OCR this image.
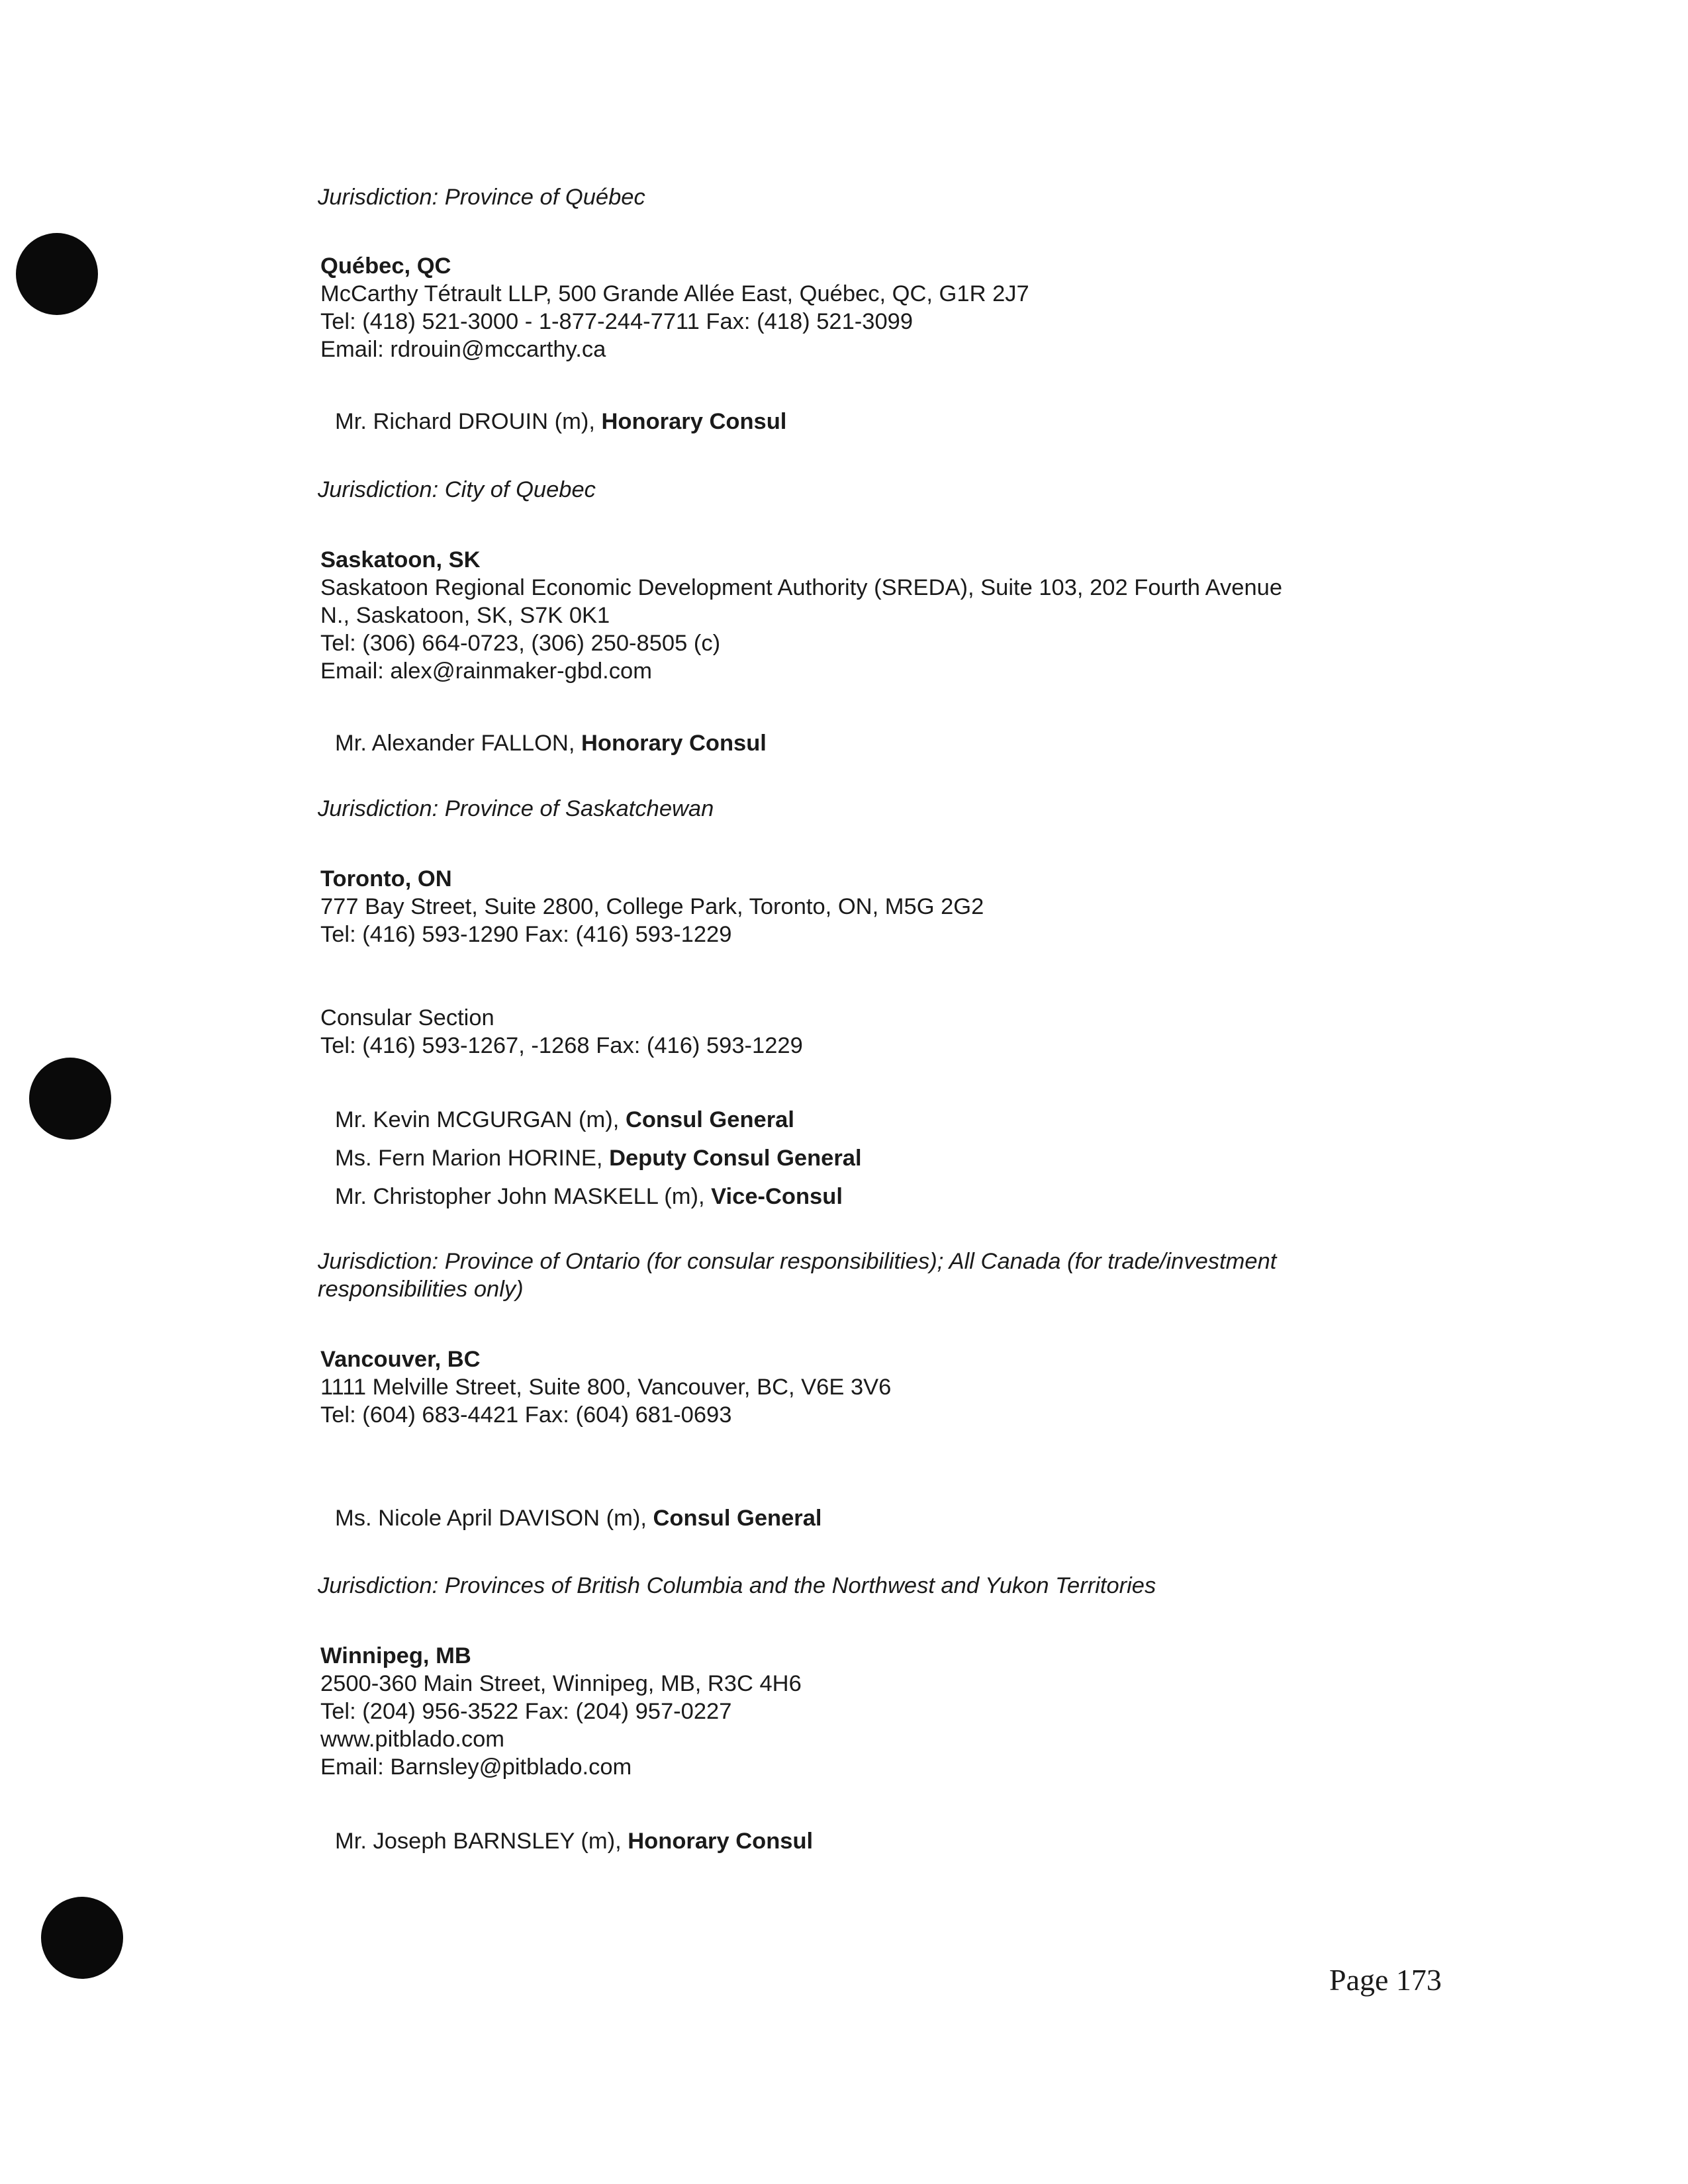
Jurisdiction: Province of Québec
Québec, QC
McCarthy Tétrault LLP, 500 Grande Allée East, Québec, QC, G1R 2J7
Tel: (418) 521-3000 - 1-877-244-7711 Fax: (418) 521-3099
Email: rdrouin@mccarthy.ca
Mr. Richard DROUIN (m), Honorary Consul
Jurisdiction: City of Quebec
Saskatoon, SK
Saskatoon Regional Economic Development Authority (SREDA), Suite 103, 202 Fourth Avenue
N., Saskatoon, SK, S7K 0K1
Tel: (306) 664-0723, (306) 250-8505 (c)
Email: alex@rainmaker-gbd.com
Mr. Alexander FALLON, Honorary Consul
Jurisdiction: Province of Saskatchewan
Toronto, ON
777 Bay Street, Suite 2800, College Park, Toronto, ON, M5G 2G2
Tel: (416) 593-1290 Fax: (416) 593-1229
Consular Section
Tel: (416) 593-1267, -1268 Fax: (416) 593-1229
Mr. Kevin MCGURGAN (m), Consul General
Ms. Fern Marion HORINE, Deputy Consul General
Mr. Christopher John MASKELL (m), Vice-Consul
Jurisdiction: Province of Ontario (for consular responsibilities); All Canada (for trade/investment
responsibilities only)
Vancouver, BC
1111 Melville Street, Suite 800, Vancouver, BC, V6E 3V6
Tel: (604) 683-4421 Fax: (604) 681-0693
Ms. Nicole April DAVISON (m), Consul General
Jurisdiction: Provinces of British Columbia and the Northwest and Yukon Territories
Winnipeg, MB
2500-360 Main Street, Winnipeg, MB, R3C 4H6
Tel: (204) 956-3522 Fax: (204) 957-0227
www.pitblado.com
Email: Barnsley@pitblado.com
Mr. Joseph BARNSLEY (m), Honorary Consul
Page 173
